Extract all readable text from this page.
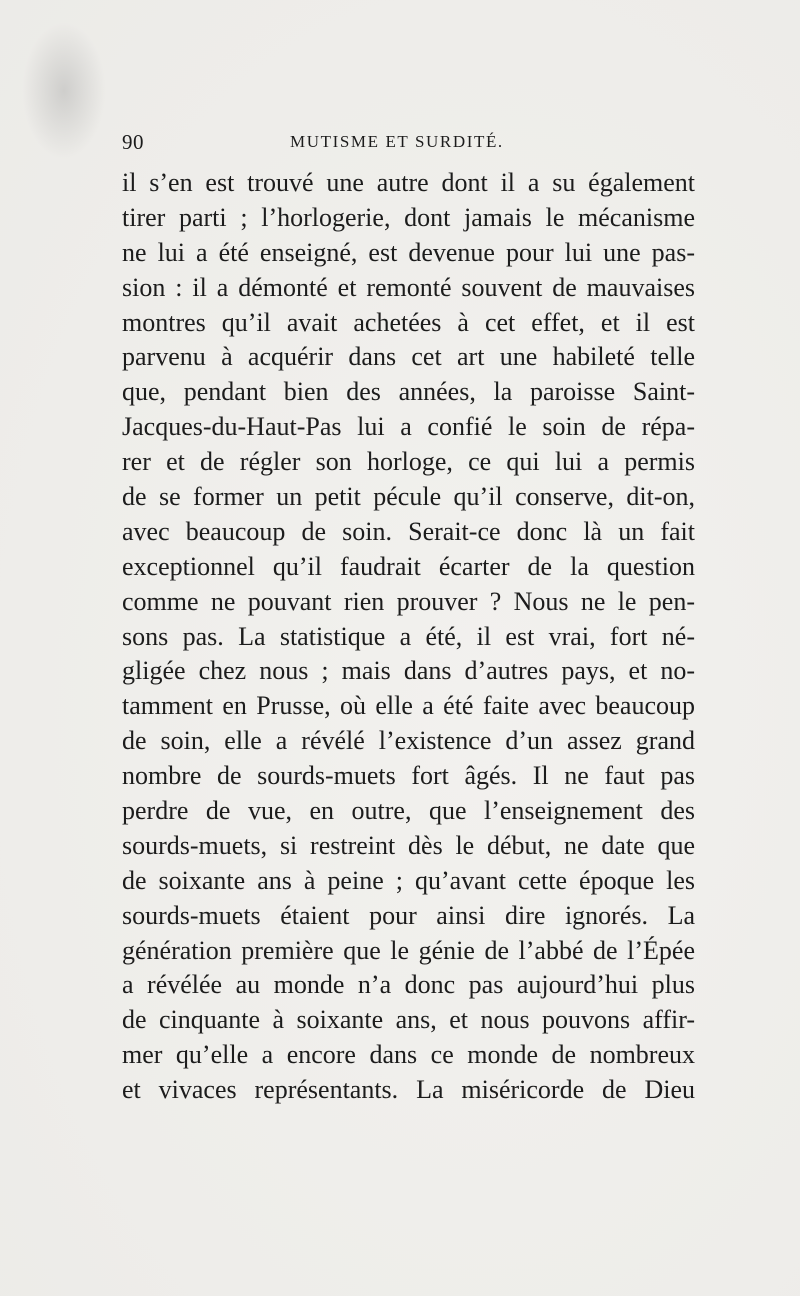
90	MUTISME ET SURDITÉ.
il s’en est trouvé une autre dont il a su également
tirer parti ; l’horlogerie, dont jamais le mécanisme
ne lui a été enseigné, est devenue pour lui une pas-
sion : il a démonté et remonté souvent de mauvaises
montres qu’il avait achetées à cet effet, et il est
parvenu à acquérir dans cet art une habileté telle
que, pendant bien des années, la paroisse Saint-
Jacques-du-Haut-Pas lui a confié le soin de répa-
rer et de régler son horloge, ce qui lui a permis
de se former un petit pécule qu’il conserve, dit-on,
avec beaucoup de soin. Serait-ce donc là un fait
exceptionnel qu’il faudrait écarter de la question
comme ne pouvant rien prouver ? Nous ne le pen-
sons pas. La statistique a été, il est vrai, fort né-
gligée chez nous ; mais dans d’autres pays, et no-
tamment en Prusse, où elle a été faite avec beaucoup
de soin, elle a révélé l’existence d’un assez grand
nombre de sourds-muets fort âgés. Il ne faut pas
perdre de vue, en outre, que l’enseignement des
sourds-muets, si restreint dès le début, ne date que
de soixante ans à peine ; qu’avant cette époque les
sourds-muets étaient pour ainsi dire ignorés. La
génération première que le génie de l’abbé de l’Épée
a révélée au monde n’a donc pas aujourd’hui plus
de cinquante à soixante ans, et nous pouvons affir-
mer qu’elle a encore dans ce monde de nombreux
et vivaces représentants. La miséricorde de Dieu
